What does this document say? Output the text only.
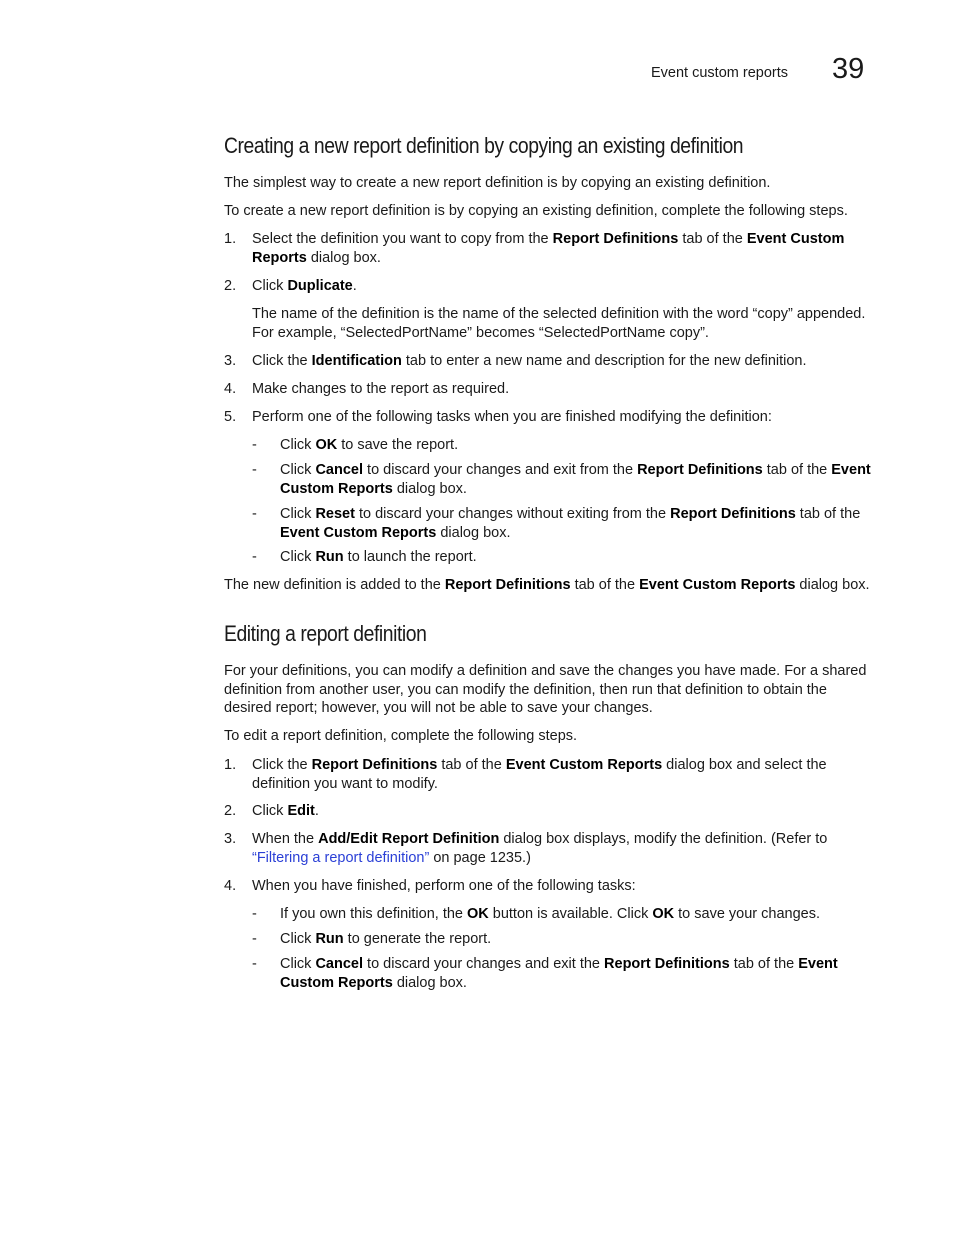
Event custom reports 39
Creating a new report definition by copying an existing definition

The simplest way to create a new report definition is by copying an existing definition.

To create a new report definition is by copying an existing definition, complete the following steps.

1. Select the definition you want to copy from the Report Definitions tab of the Event Custom Reports dialog box.
2. Click Duplicate.
The name of the definition is the name of the selected definition with the word “copy” appended. For example, “SelectedPortName” becomes “SelectedPortName copy”.
3. Click the Identification tab to enter a new name and description for the new definition.
4. Make changes to the report as required.
5. Perform one of the following tasks when you are finished modifying the definition:
- Click OK to save the report.
- Click Cancel to discard your changes and exit from the Report Definitions tab of the Event Custom Reports dialog box.
- Click Reset to discard your changes without exiting from the Report Definitions tab of the Event Custom Reports dialog box.
- Click Run to launch the report.

The new definition is added to the Report Definitions tab of the Event Custom Reports dialog box.

Editing a report definition

For your definitions, you can modify a definition and save the changes you have made. For a shared definition from another user, you can modify the definition, then run that definition to obtain the desired report; however, you will not be able to save your changes.

To edit a report definition, complete the following steps.

1. Click the Report Definitions tab of the Event Custom Reports dialog box and select the definition you want to modify.
2. Click Edit.
3. When the Add/Edit Report Definition dialog box displays, modify the definition. (Refer to “Filtering a report definition” on page 1235.)
4. When you have finished, perform one of the following tasks:
- If you own this definition, the OK button is available. Click OK to save your changes.
- Click Run to generate the report.
- Click Cancel to discard your changes and exit the Report Definitions tab of the Event Custom Reports dialog box.
